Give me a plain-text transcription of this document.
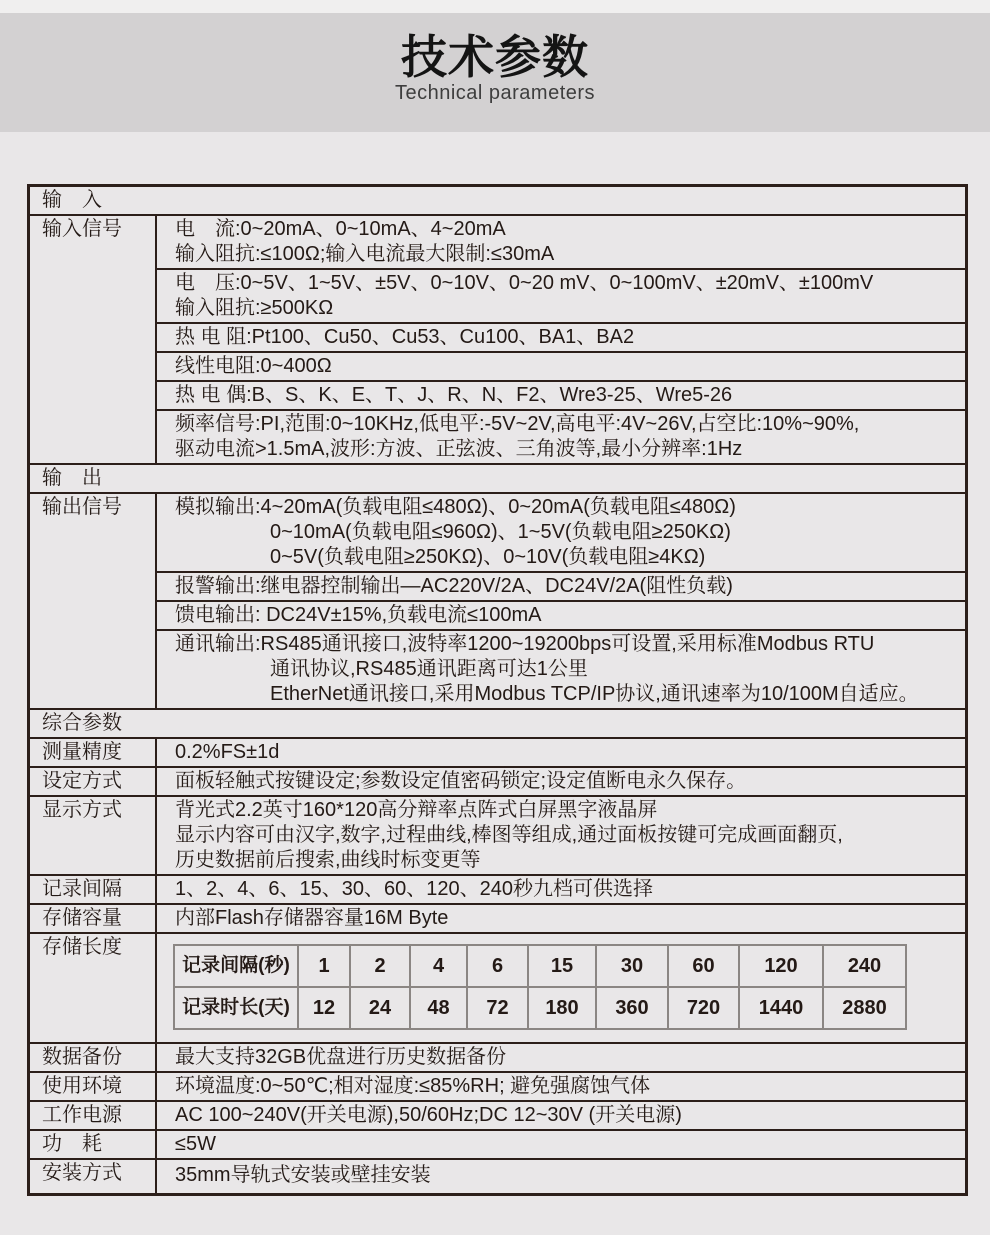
技术参数
Technical parameters
输　入
输入信号	电　流:0~20mA、0~10mA、4~20mA
输入阻抗:≤100Ω;输入电流最大限制:≤30mA
电　压:0~5V、1~5V、±5V、0~10V、0~20 mV、0~100mV、±20mV、±100mV
输入阻抗:≥500KΩ
热 电 阻:Pt100、Cu50、Cu53、Cu100、BA1、BA2
线性电阻:0~400Ω
热 电 偶:B、S、K、E、T、J、R、N、F2、Wre3-25、Wre5-26
频率信号:PI,范围:0~10KHz,低电平:-5V~2V,高电平:4V~26V,占空比:10%~90%,
驱动电流>1.5mA,波形:方波、正弦波、三角波等,最小分辨率:1Hz
输　出
输出信号	模拟输出:4~20mA(负载电阻≤480Ω)、0~20mA(负载电阻≤480Ω)
0~10mA(负载电阻≤960Ω)、1~5V(负载电阻≥250KΩ)
0~5V(负载电阻≥250KΩ)、0~10V(负载电阻≥4KΩ)
报警输出:继电器控制输出—AC220V/2A、DC24V/2A(阻性负载)
馈电输出: DC24V±15%,负载电流≤100mA
通讯输出:RS485通讯接口,波特率1200~19200bps可设置,采用标准Modbus RTU
通讯协议,RS485通讯距离可达1公里
EtherNet通讯接口,采用Modbus TCP/IP协议,通讯速率为10/100M自适应。
综合参数
测量精度	0.2%FS±1d
设定方式	面板轻触式按键设定;参数设定值密码锁定;设定值断电永久保存。
显示方式	背光式2.2英寸160*120高分辩率点阵式白屏黑字液晶屏
显示内容可由汉字,数字,过程曲线,棒图等组成,通过面板按键可完成画面翻页,
历史数据前后搜索,曲线时标变更等
记录间隔	1、2、4、6、15、30、60、120、240秒九档可供选择
存储容量	内部Flash存储器容量16M Byte
存储长度
记录间隔(秒)	1	2	4	6	15	30	60	120	240
记录时长(天)	12	24	48	72	180	360	720	1440	2880
数据备份	最大支持32GB优盘进行历史数据备份
使用环境	环境温度:0~50℃;相对湿度:≤85%RH; 避免强腐蚀气体
工作电源	AC 100~240V(开关电源),50/60Hz;DC 12~30V (开关电源)
功　耗	≤5W
安装方式	35mm导轨式安装或壁挂安装
